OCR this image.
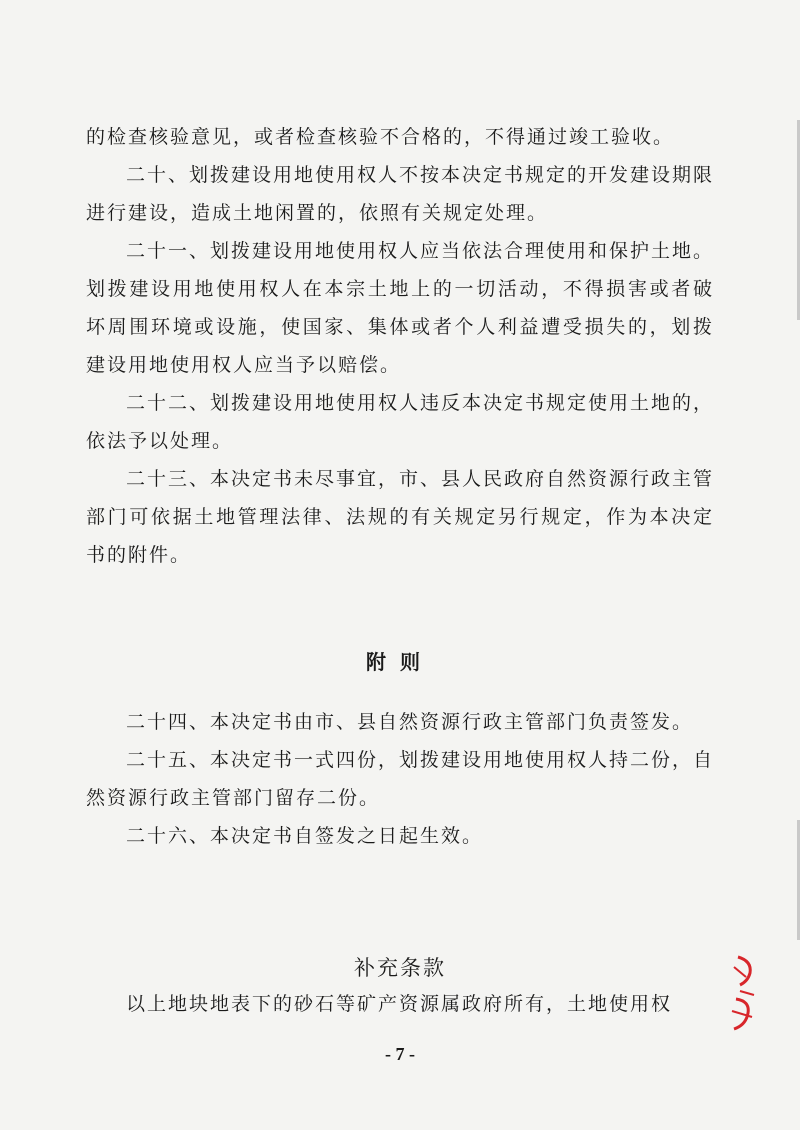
的检查核验意见，或者检查核验不合格的，不得通过竣工验收。

二十、划拨建设用地使用权人不按本决定书规定的开发建设期限进行建设，造成土地闲置的，依照有关规定处理。

二十一、划拨建设用地使用权人应当依法合理使用和保护土地。划拨建设用地使用权人在本宗土地上的一切活动，不得损害或者破坏周围环境或设施，使国家、集体或者个人利益遭受损失的，划拨建设用地使用权人应当予以赔偿。

二十二、划拨建设用地使用权人违反本决定书规定使用土地的，依法予以处理。

二十三、本决定书未尽事宜，市、县人民政府自然资源行政主管部门可依据土地管理法律、法规的有关规定另行规定，作为本决定书的附件。

附则

二十四、本决定书由市、县自然资源行政主管部门负责签发。

二十五、本决定书一式四份，划拨建设用地使用权人持二份，自然资源行政主管部门留存二份。

二十六、本决定书自签发之日起生效。

补充条款

以上地块地表下的砂石等矿产资源属政府所有，土地使用权

- 7 -
